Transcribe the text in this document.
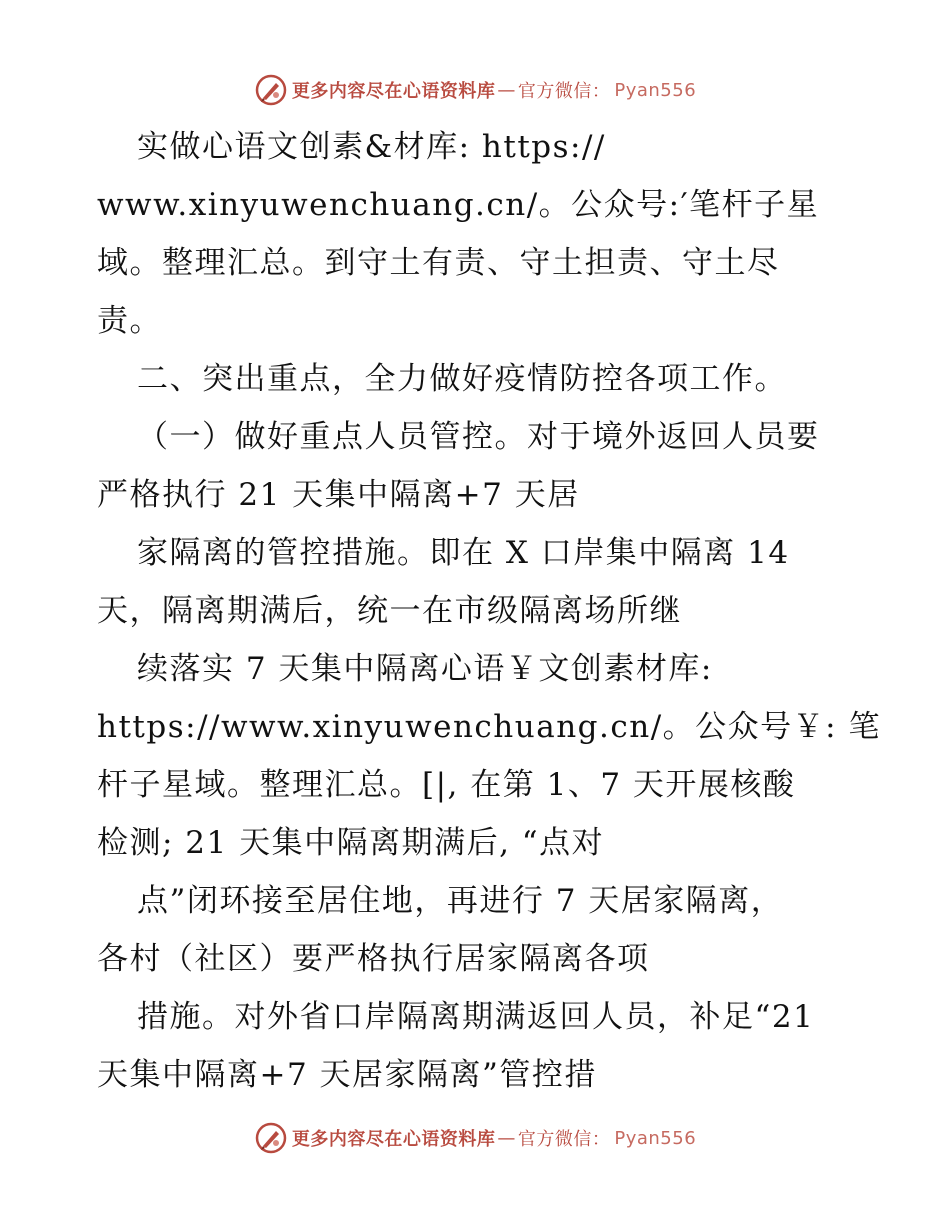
更多内容尽在心语资料库 — 官方微信： Pyan556
实做心语文创素&材库: https://
www.xinyuwenchuang.cn/。公众号:′笔杆子星
域。整理汇总。到守土有责、守土担责、守土尽
责。
二、突出重点，全力做好疫情防控各项工作。
（一）做好重点人员管控。对于境外返回人员要
严格执行 21 天集中隔离+7 天居
家隔离的管控措施。即在 X 口岸集中隔离 14
天，隔离期满后，统一在市级隔离场所继
续落实 7 天集中隔离心语￥文创素材库:
https://www.xinyuwenchuang.cn/。公众号￥: 笔
杆子星域。整理汇总。[|, 在第 1、7 天开展核酸
检测; 21 天集中隔离期满后, “点对
点”闭环接至居住地，再进行 7 天居家隔离，
各村（社区）要严格执行居家隔离各项
措施。对外省口岸隔离期满返回人员，补足“21
天集中隔离+7 天居家隔离”管控措
更多内容尽在心语资料库 — 官方微信： Pyan556
